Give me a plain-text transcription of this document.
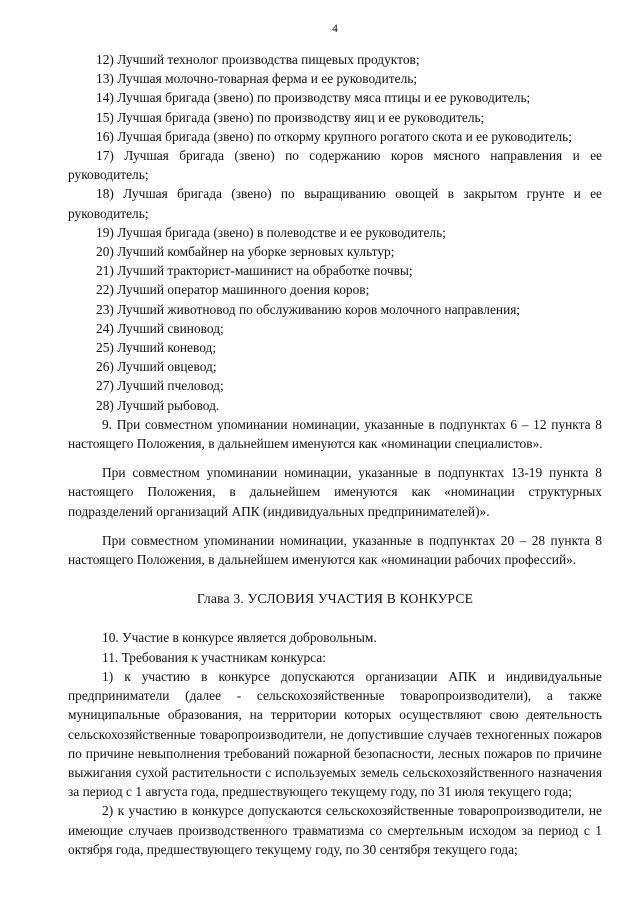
4

12) Лучший технолог производства пищевых продуктов;

13) Лучшая молочно-товарная ферма и ее руководитель;

14) Лучшая бригада (звено) по производству мяса птицы и ее руководитель;

15) Лучшая бригада (звено) по производству яиц и ее руководитель;

16) Лучшая бригада (звено) по откорму крупного рогатого скота и ее руководитель;

17) Лучшая бригада (звено) по содержанию коров мясного направления и ее руководитель;

18) Лучшая бригада (звено) по выращиванию овощей в закрытом грунте и ее руководитель;

19) Лучшая бригада (звено) в полеводстве и ее руководитель;

20) Лучший комбайнер на уборке зерновых культур;

21) Лучший тракторист-машинист на обработке почвы;

22) Лучший оператор машинного доения коров;

23) Лучший животновод по обслуживанию коров молочного направления;

24) Лучший свиновод;

25) Лучший коневод;

26) Лучший овцевод;

27) Лучший пчеловод;

28) Лучший рыбовод.

9. При совместном упоминании номинации, указанные в подпунктах 6 – 12 пункта 8 настоящего Положения, в дальнейшем именуются как «номинации специалистов».

При совместном упоминании номинации, указанные в подпунктах 13-19 пункта 8 настоящего Положения, в дальнейшем именуются как «номинации структурных подразделений организаций АПК (индивидуальных предпринимателей)».

При совместном упоминании номинации, указанные в подпунктах 20 – 28 пункта 8 настоящего Положения, в дальнейшем именуются как «номинации рабочих профессий».

Глава 3. УСЛОВИЯ УЧАСТИЯ В КОНКУРСЕ

10. Участие в конкурсе является добровольным.

11. Требования к участникам конкурса:

1) к участию в конкурсе допускаются организации АПК и индивидуальные предприниматели (далее - сельскохозяйственные товаропроизводители), а также муниципальные образования, на территории которых осуществляют свою деятельность сельскохозяйственные товаропроизводители, не допустившие случаев техногенных пожаров по причине невыполнения требований пожарной безопасности, лесных пожаров по причине выжигания сухой растительности с используемых земель сельскохозяйственного назначения за период с 1 августа года, предшествующего текущему году, по 31 июля текущего года;

2) к участию в конкурсе допускаются сельскохозяйственные товаропроизводители, не имеющие случаев производственного травматизма со смертельным исходом за период с 1 октября года, предшествующего текущему году, по 30 сентября текущего года;
